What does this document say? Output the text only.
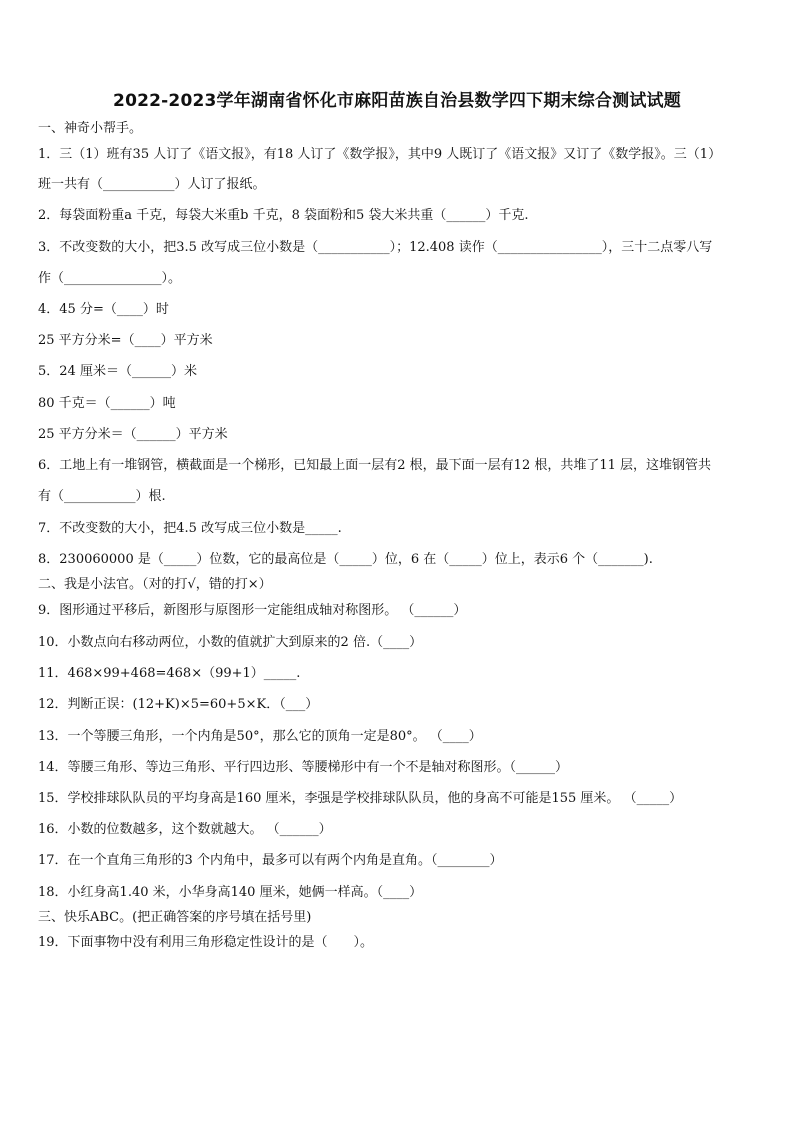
2022-2023学年湖南省怀化市麻阳苗族自治县数学四下期末综合测试试题
一、神奇小帮手。
1．三（1）班有35 人订了《语文报》，有18 人订了《数学报》，其中9 人既订了《语文报》又订了《数学报》。三（1）
班一共有（___________）人订了报纸。
2．每袋面粉重a 千克，每袋大米重b 千克，8 袋面粉和5 袋大米共重（______）千克.
3．不改变数的大小，把3.5 改写成三位小数是（___________）；12.408 读作（________________），三十二点零八写
作（_______________）。
4．45 分=（____）时
25 平方分米=（____）平方米
5．24 厘米＝（______）米
80 千克＝（______）吨
25 平方分米＝（______）平方米
6．工地上有一堆钢管，横截面是一个梯形，已知最上面一层有2 根，最下面一层有12 根，共堆了11 层，这堆钢管共
有（___________）根.
7．不改变数的大小，把4.5 改写成三位小数是_____.
8．230060000 是（_____）位数，它的最高位是（_____）位，6 在（_____）位上，表示6 个（_______).
二、我是小法官。（对的打√，错的打×）
9．图形通过平移后，新图形与原图形一定能组成轴对称图形。 （______）
10．小数点向右移动两位，小数的值就扩大到原来的2 倍.（____）
11．468×99+468=468×（99+1）_____.
12．判断正误：(12+K)×5=60+5×K．（___）
13．一个等腰三角形，一个内角是50°，那么它的顶角一定是80°。 （____）
14．等腰三角形、等边三角形、平行四边形、等腰梯形中有一个不是轴对称图形。（______）
15．学校排球队队员的平均身高是160 厘米，李强是学校排球队队员，他的身高不可能是155 厘米。 （_____）
16．小数的位数越多，这个数就越大。 （______）
17．在一个直角三角形的3 个内角中，最多可以有两个内角是直角。（________）
18．小红身高1.40 米，小华身高140 厘米，她俩一样高。（____）
三、快乐ABC。(把正确答案的序号填在括号里)
19．下面事物中没有利用三角形稳定性设计的是（　　）。
